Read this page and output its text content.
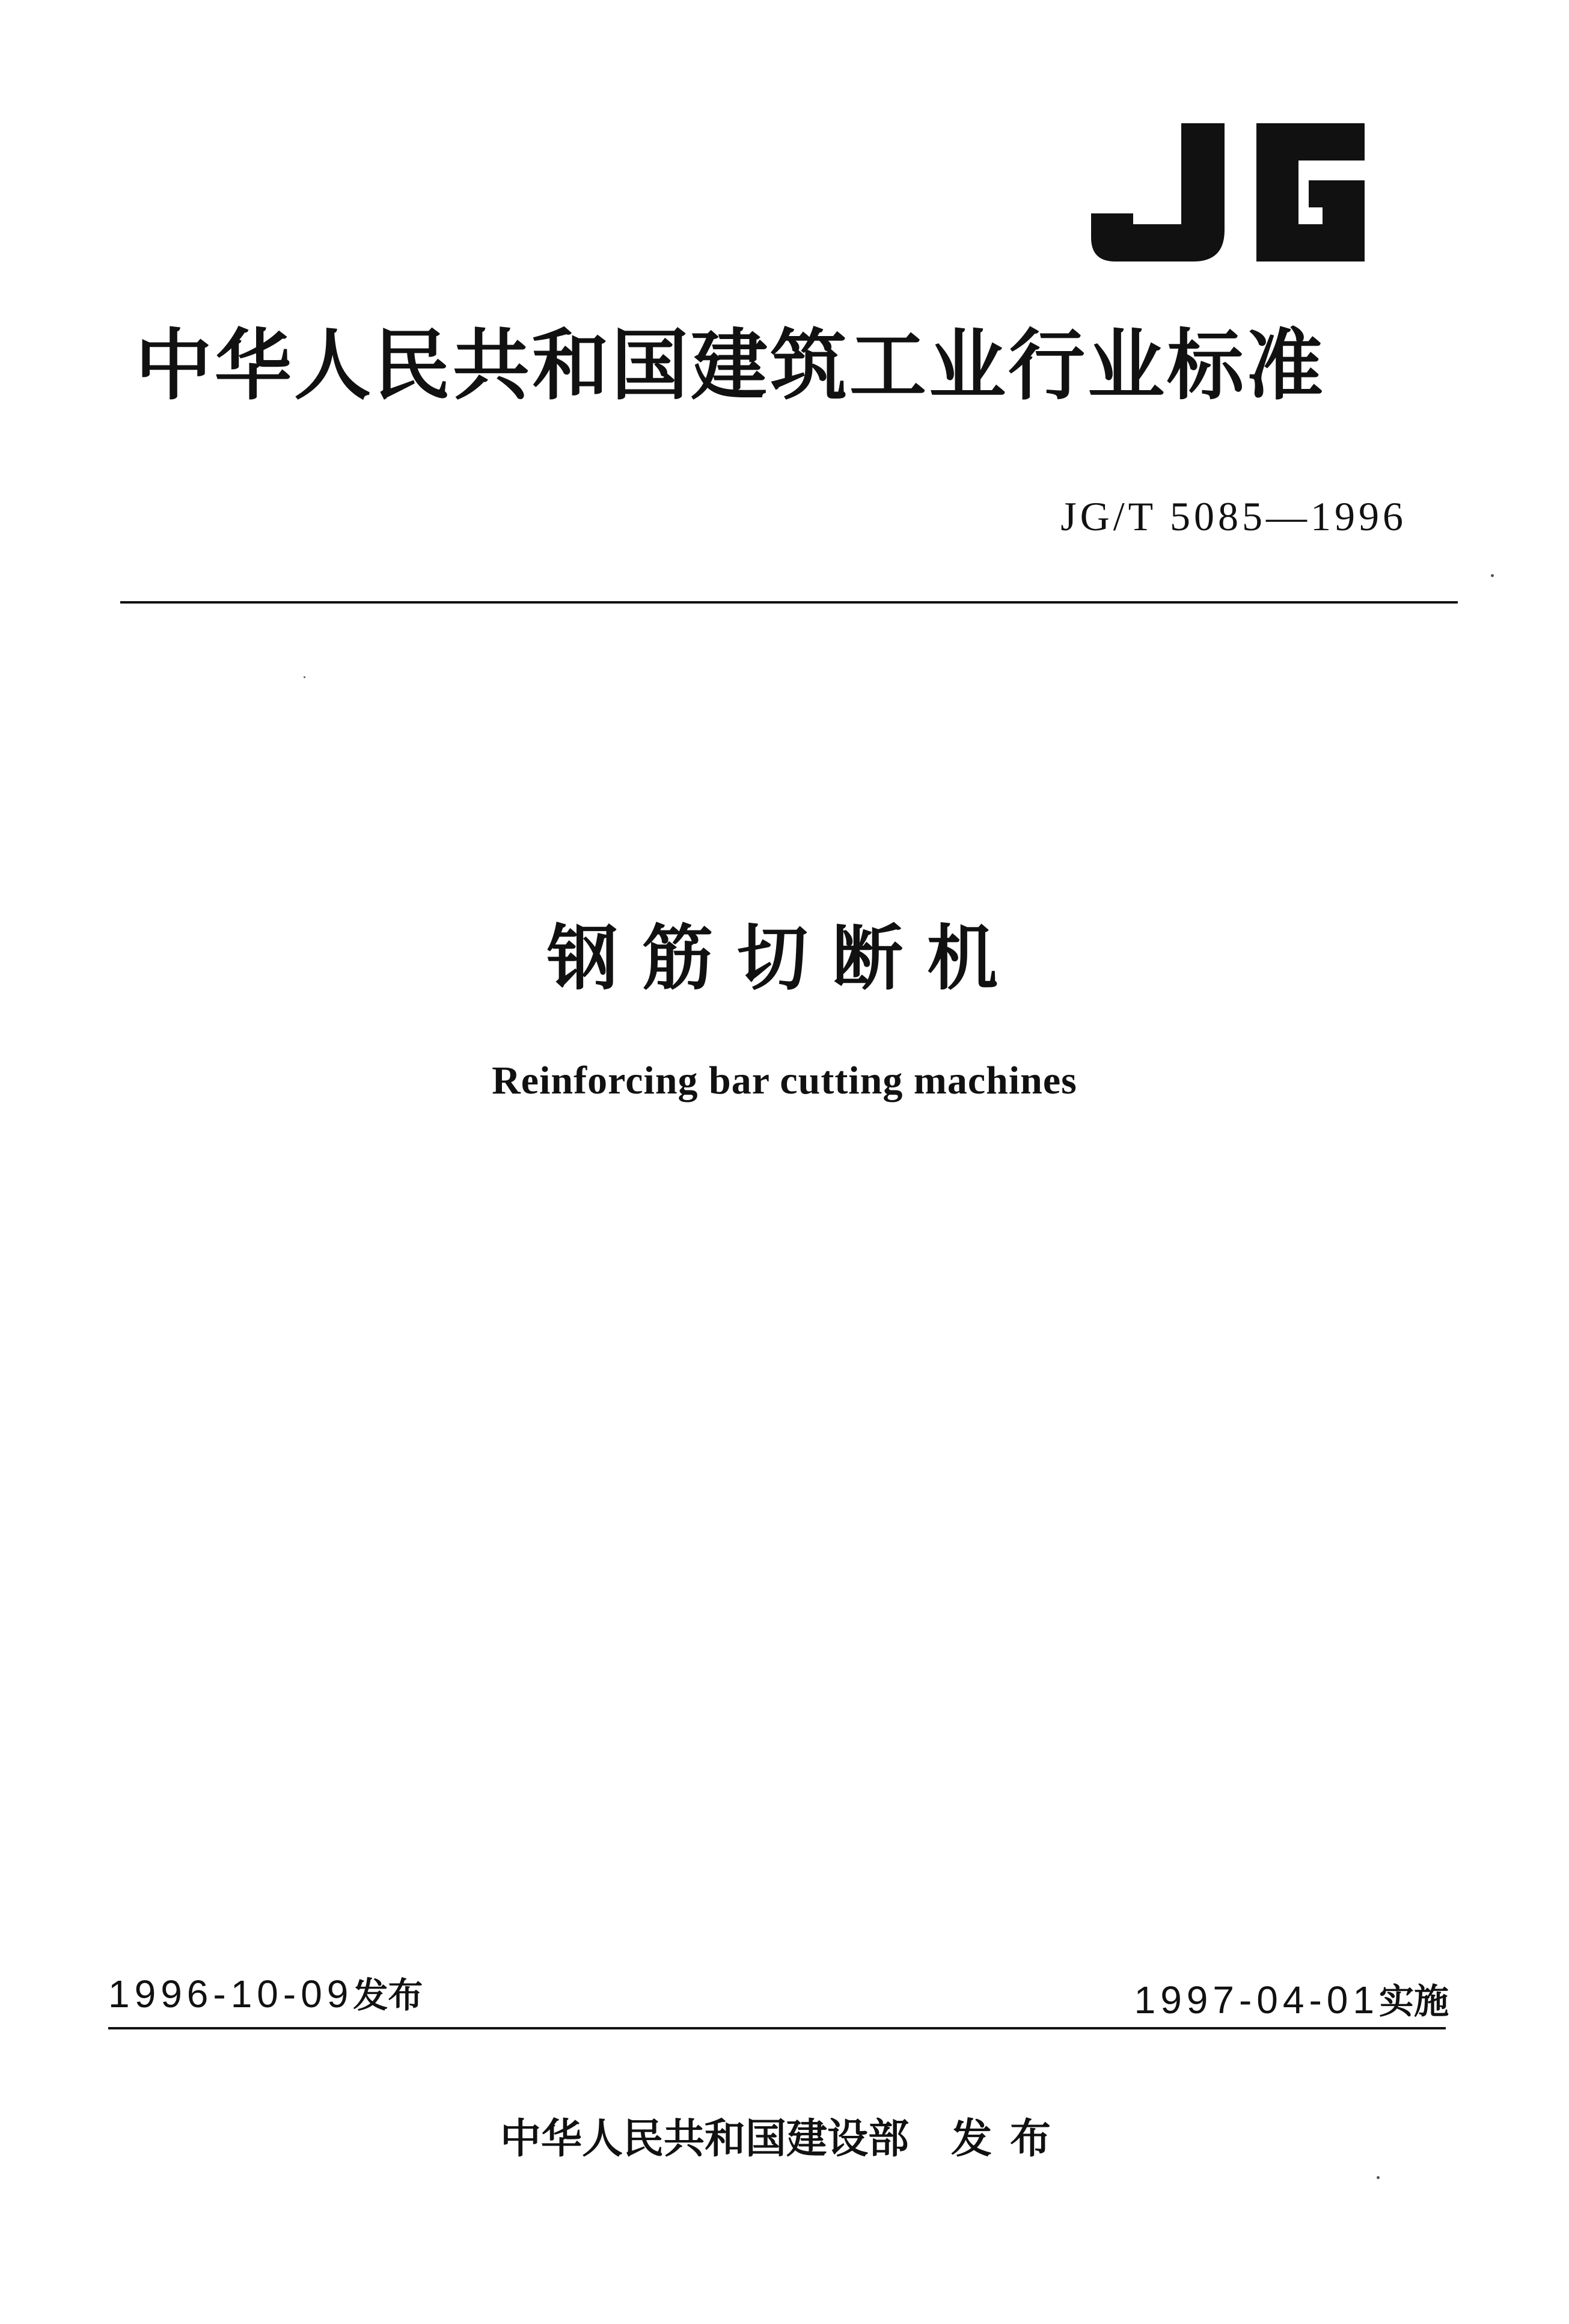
中华人民共和国建筑工业行业标准
JG/T 5085—1996
钢筋切断机
Reinforcing bar cutting machines
1996-10-09发布	1997-04-01实施
中华人民共和国建设部 发布
